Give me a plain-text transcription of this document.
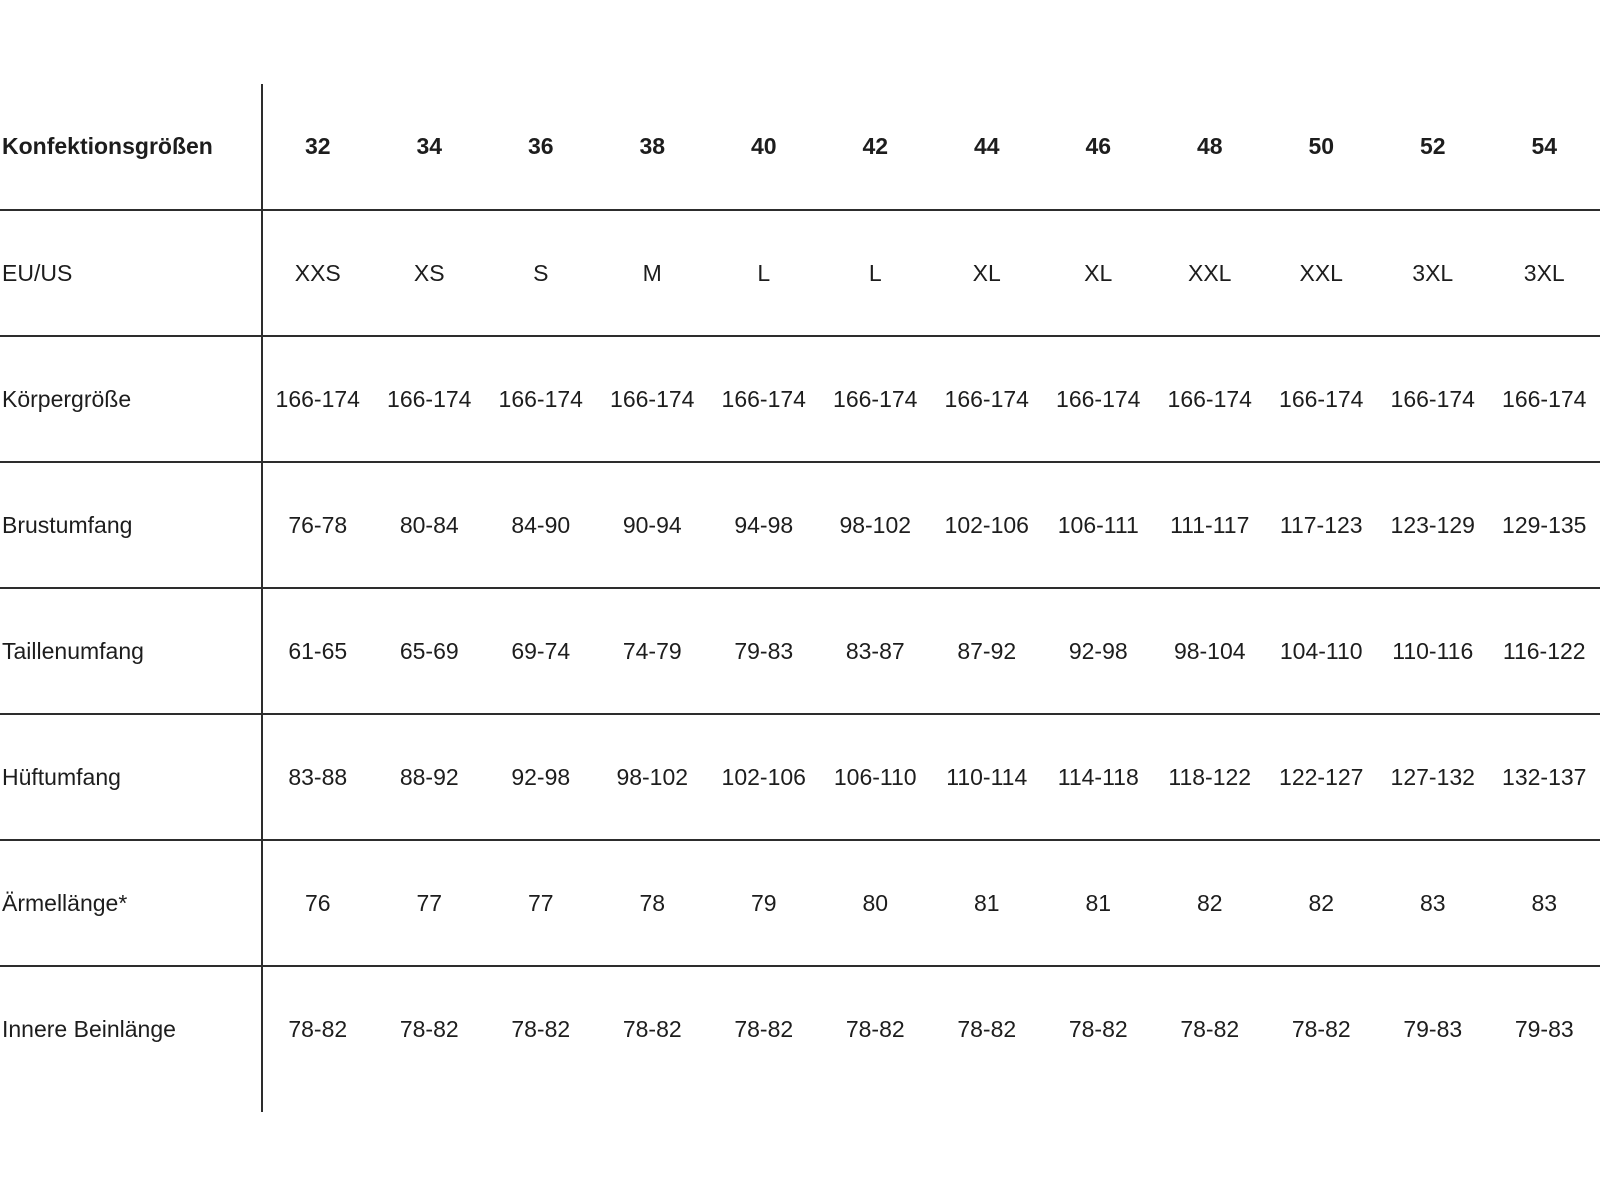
Konfektionsgrößen	32	34	36	38	40	42	44	46	48	50	52	54
EU/US	XXS	XS	S	M	L	L	XL	XL	XXL	XXL	3XL	3XL
Körpergröße	166-174	166-174	166-174	166-174	166-174	166-174	166-174	166-174	166-174	166-174	166-174	166-174
Brustumfang	76-78	80-84	84-90	90-94	94-98	98-102	102-106	106-111	111-117	117-123	123-129	129-135
Taillenumfang	61-65	65-69	69-74	74-79	79-83	83-87	87-92	92-98	98-104	104-110	110-116	116-122
Hüftumfang	83-88	88-92	92-98	98-102	102-106	106-110	110-114	114-118	118-122	122-127	127-132	132-137
Ärmellänge*	76	77	77	78	79	80	81	81	82	82	83	83
Innere Beinlänge	78-82	78-82	78-82	78-82	78-82	78-82	78-82	78-82	78-82	78-82	79-83	79-83
